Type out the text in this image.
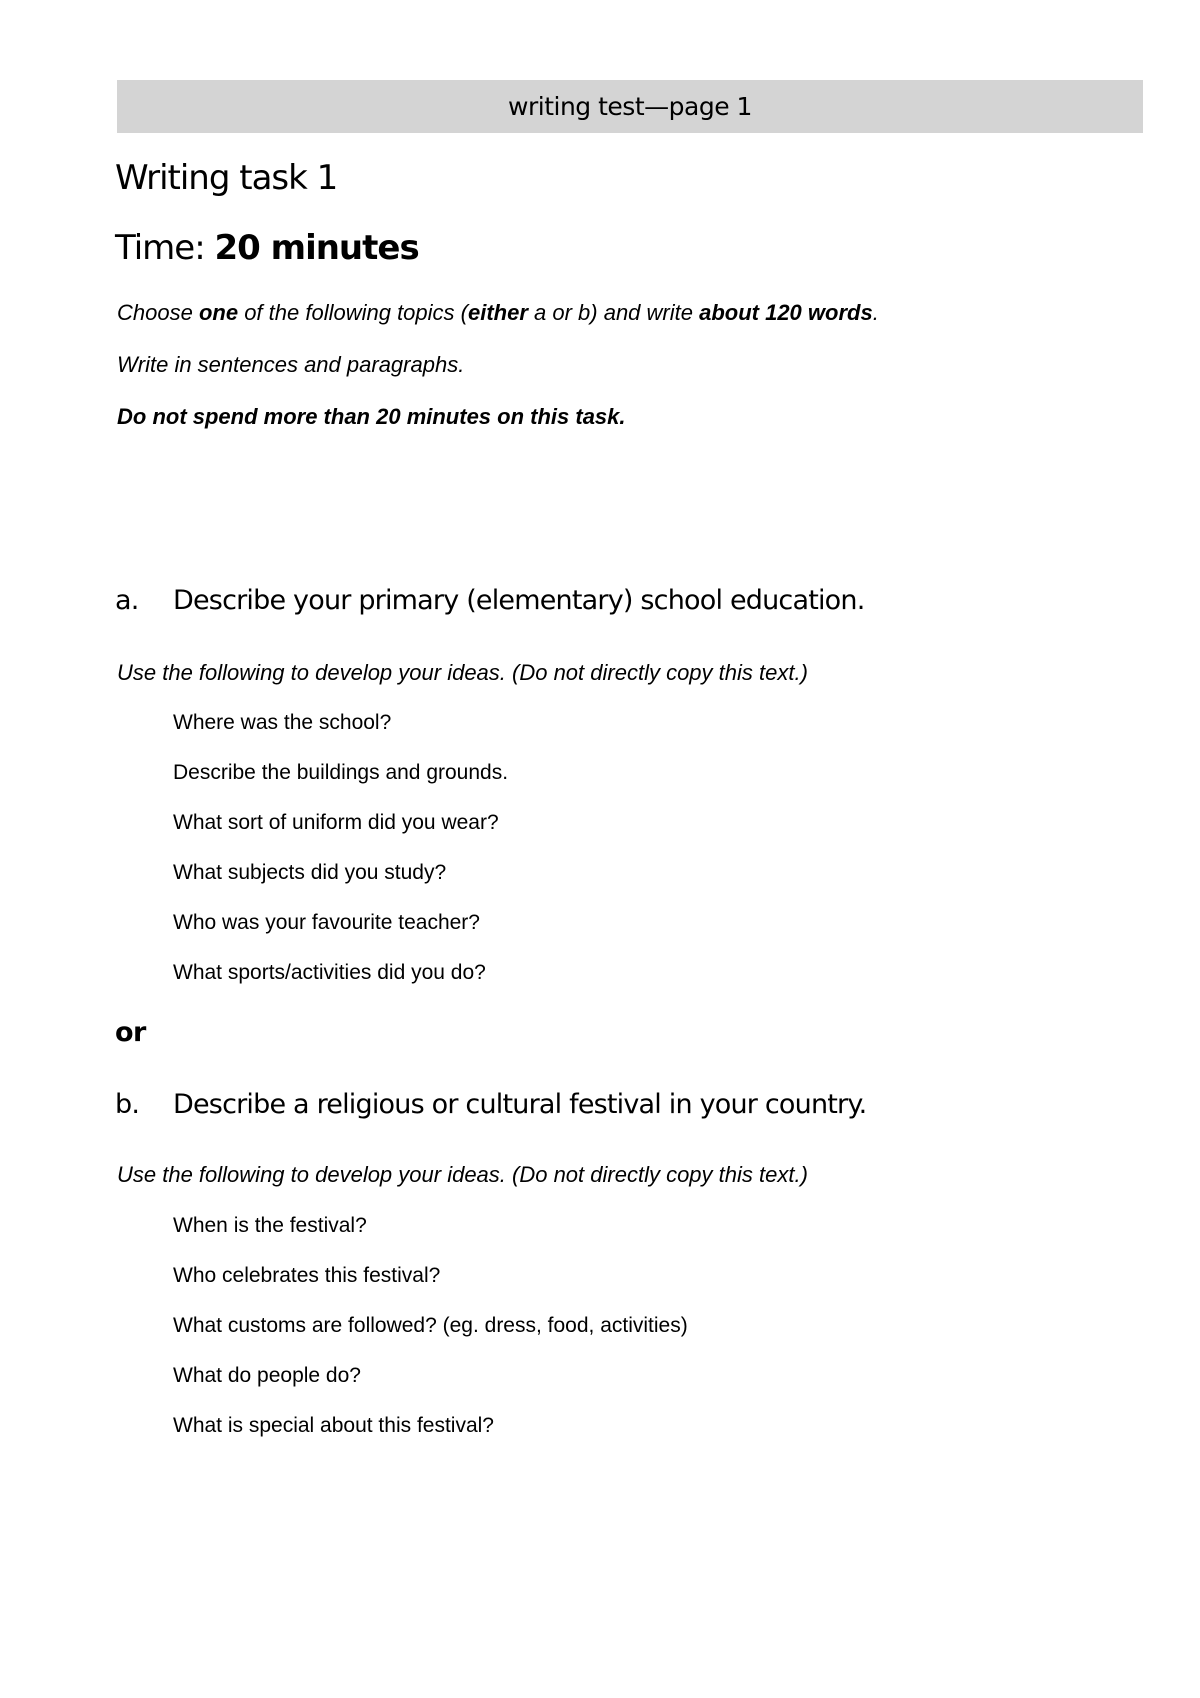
writing test—page 1
Writing task 1
Time: 20 minutes
Choose one of the following topics (either a or b) and write about 120 words.
Write in sentences and paragraphs.
Do not spend more than 20 minutes on this task.
a. Describe your primary (elementary) school education.
Use the following to develop your ideas. (Do not directly copy this text.)
Where was the school?
Describe the buildings and grounds.
What sort of uniform did you wear?
What subjects did you study?
Who was your favourite teacher?
What sports/activities did you do?
or
b. Describe a religious or cultural festival in your country.
Use the following to develop your ideas. (Do not directly copy this text.)
When is the festival?
Who celebrates this festival?
What customs are followed? (eg. dress, food, activities)
What do people do?
What is special about this festival?
